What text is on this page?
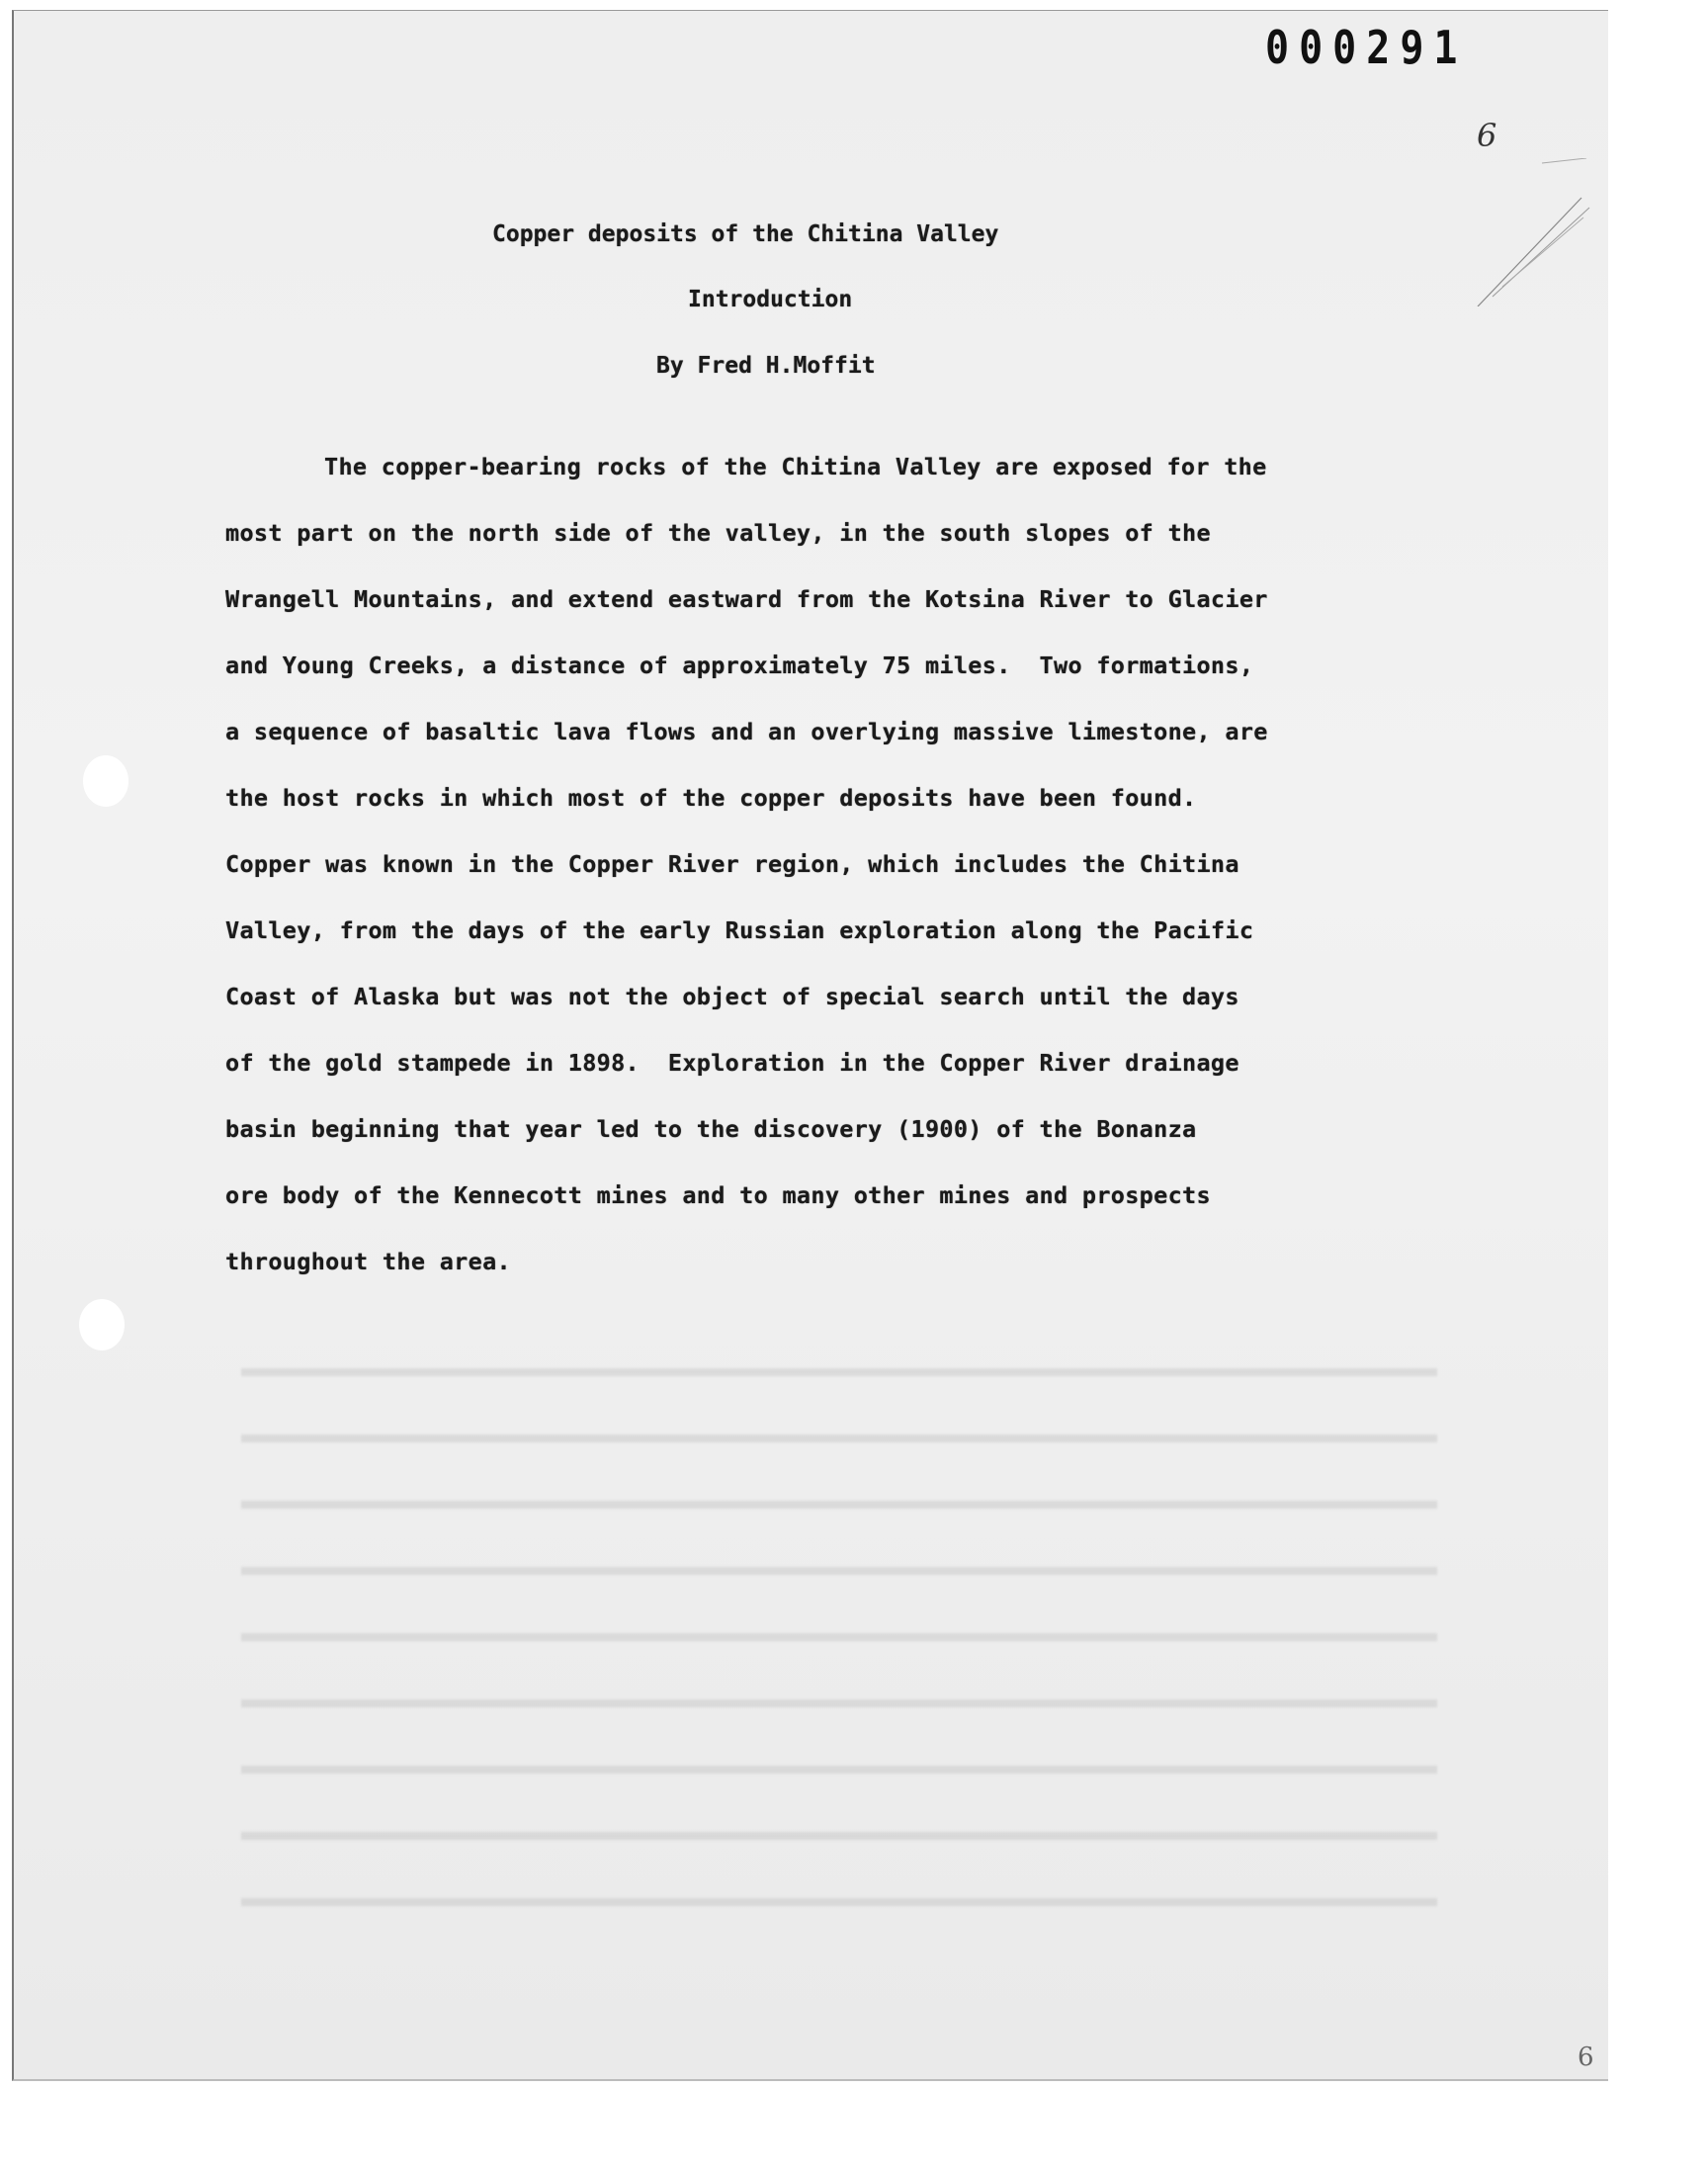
000291
6
6
Copper deposits of the Chitina Valley
Introduction
By Fred H.Moffit
The copper-bearing rocks of the Chitina Valley are exposed for the
most part on the north side of the valley, in the south slopes of the
Wrangell Mountains, and extend eastward from the Kotsina River to Glacier
and Young Creeks, a distance of approximately 75 miles.  Two formations,
a sequence of basaltic lava flows and an overlying massive limestone, are
the host rocks in which most of the copper deposits have been found.
Copper was known in the Copper River region, which includes the Chitina
Valley, from the days of the early Russian exploration along the Pacific
Coast of Alaska but was not the object of special search until the days
of the gold stampede in 1898.  Exploration in the Copper River drainage
basin beginning that year led to the discovery (1900) of the Bonanza
ore body of the Kennecott mines and to many other mines and prospects
throughout the area.
